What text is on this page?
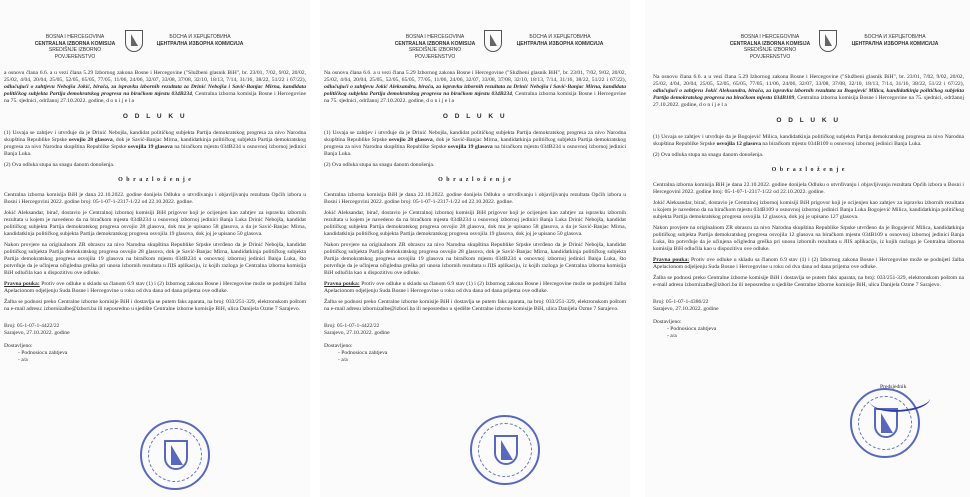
BOSNA I HERCEGOVINA
CENTRALNA IZBORNA KOMISIJA
SREDIŠNJE IZBORNO POVJERENSTVO
БОСНА И ХЕРЦЕГОВИНА
ЦЕНТРАЛНА ИЗБОРНА КОМИСИЈА
a osnovu člana 6.6. a u vezi člana 5.29 Izbornog zakona Bosne i Hercegovine ("Službeni glasnik BiH", br. 23/01, 7/02, 9/02, 20/02, 25/02, 4/04, 20/04, 25/05, 52/05, 65/05, 77/05, 11/06, 24/06, 32/07, 33/08, 37/08, 32/10, 18/13, 7/14, 31/16, 38/22, 51/22 i 67/22), odlučujući o zahtjevu Nebojša Jokić, birača, za ispravku izbornih rezultata za Drinić Nebojša i Savić-Banjac Mirna, kandidata političkog subjekta Partija demokratskog progresa na biračkom mjestu 034B234, Centralna izborna komisija Bosne i Hercegovine na 75. sjednici, održanoj 27.10.2022. godine, d o n i j e l a
O D L U K U
(1) Usvaja se zahtjev i utvrđuje da je Drinić Nebojša, kandidat političkog subjekta Partija demokratskog progresa za nivo Narodna skupština Republike Srpske osvojio 28 glasova, dok je Savić-Banjac Mirna, kandidatkinja političkog subjekta Partija demokratskog progresa za nivo Narodna skupština Republike Srpske osvojila 19 glasova na biračkom mjestu 034B234 u osnovnoj izbornoj jedinici Banja Luka.
(2) Ova odluka stupa na snagu danom donošenja.
O b r a z l o ž e n j e
Centralna izborna komisija BiH je dana 22.10.2022. godine donijela Odluku o utvrđivanju i objavljivanju rezultata Općih izbora u Bosni i Hercegovini 2022. godine broj: 05-1-07-1-2317-1/22 od 22.10.2022. godine.
Jokić Aleksandar, birač, dostavio je Centralnoj izbornoj komisiji BiH prigovor koji je ocijenjen kao zahtjev za ispravku izbornih rezultata u kojem je navedeno da na biračkom mjestu 034B234 u osnovnoj izbornoj jedinici Banja Luka Drinić Nebojša, kandidat političkog subjekta Partija demokratskog progresa osvojio 28 glasova, dok mu je upisano 58 glasova, a da je Savić-Banjac Mirna, kandidatkinja političkog subjekta Partija demokratskog progresa osvojila 19 glasova, dok joj je upisano 50 glasova.
Nakon provjere na originalnom ZR obrascu za nivo Narodna skupština Republike Srpske utvrđeno da je Drinić Nebojša, kandidat političkog subjekta Partija demokratskog progresa osvojio 28 glasova, dok je Savić-Banjac Mirna, kandidatkinja političkog subjekta Partija demokratskog progresa osvojila 19 glasova na biračkom mjestu 034B234 u osnovnoj izbornoj jedinici Banja Luka, što potvrđuje da je učinjena očigledna greška pri unosu izbornih rezultata u JIIS aplikaciju, iz kojih razloga je Centralna izborna komisija BiH odlučila kao u dispozitivu ove odluke.
Pravna pouka: Protiv ove odluke u skladu sa članom 6.9 stav (1) i (2) Izbornog zakona Bosne i Hercegovine može se podnijeti žalba Apelacionom odjeljenju Suda Bosne i Hercegovine u roku od dva dana od dana prijema ove odluke.
Žalba se podnosi preko Centralne izborne komisije BiH i dostavlja se putem faks aparata, na broj: 033/251-329, elektronskom poštom na e-mail adresu: izbornizalbe@izbori.ba ili neposredno u sjedište Centralne izborne komisije BiH, ulica Danijela Ozme 7 Sarajevo.
Broj: 05-1-07-1-4422/22
Sarajevo, 27.10.2022. godine
Dostavljeno:
- Podnosiocu zahtjeva
- a/a
BOSNA I HERCEGOVINA
CENTRALNA IZBORNA KOMISIJA
SREDIŠNJE IZBORNO POVJERENSTVO
БОСНА И ХЕРЦЕГОВИНА
ЦЕНТРАЛНА ИЗБОРНА КОМИСИЈА
Na osnovu člana 6.6. a u vezi člana 5.29 Izbornog zakona Bosne i Hercegovine ("Službeni glasnik BiH", br. 23/01, 7/02, 9/02, 20/02, 25/02, 4/04, 20/04, 25/05, 52/05, 65/05, 77/05, 11/06, 24/06, 32/07, 33/08, 37/08, 32/10, 18/13, 7/14, 31/16, 38/22, 51/22 i 67/22), odlučujući o zahtjevu Jokić Aleksandra, birača, za ispravku izbornih rezultata za Drinić Nebojša i Savić-Banjac Mirna, kandidata političkog subjekta Partija demokratskog progresa na biračkom mjestu 034B234, Centralna izborna komisija Bosne i Hercegovine na 75. sjednici, održanoj 27.10.2022. godine, d o n i j e l a
O D L U K U
(1) Usvaja se zahtjev i utvrđuje da je Drinić Nebojša, kandidat političkog subjekta Partija demokratskog progresa za nivo Narodna skupština Republike Srpske osvojio 28 glasova, dok je Savić-Banjac Mirna, kandidatkinja političkog subjekta Partija demokratskog progresa za nivo Narodna skupština Republike Srpske osvojila 19 glasova na biračkom mjestu 034B234 u osnovnoj izbornoj jedinici Banja Luka.
(2) Ova odluka stupa na snagu danom donošenja.
O b r a z l o ž e n j e
Centralna izborna komisija BiH je dana 22.10.2022. godine donijela Odluku o utvrđivanju i objavljivanju rezultata Općih izbora u Bosni i Hercegovini 2022. godine broj: 05-1-07-1-2317-1/22 od 22.10.2022. godine.
Jokić Aleksandar, birač, dostavio je Centralnoj izbornoj komisiji BiH prigovor koji je ocijenjen kao zahtjev za ispravku izbornih rezultata u kojem je navedeno da na biračkom mjestu 034B234 u osnovnoj izbornoj jedinici Banja Luka Drinić Nebojša, kandidat političkog subjekta Partija demokratskog progresa osvojio 28 glasova, dok mu je upisano 58 glasova, a da je Savić-Banjac Mirna, kandidatkinja političkog subjekta Partija demokratskog progresa osvojila 19 glasova, dok joj je upisano 50 glasova.
Nakon provjere na originalnom ZR obrascu za nivo Narodna skupština Republike Srpske utvrđeno da je Drinić Nebojša, kandidat političkog subjekta Partija demokratskog progresa osvojio 28 glasova, dok je Savić-Banjac Mirna, kandidatkinja političkog subjekta Partija demokratskog progresa osvojila 19 glasova na biračkom mjestu 034B234 u osnovnoj izbornoj jedinici Banja Luka, što potvrđuje da je učinjena očigledna greška pri unosu izbornih rezultata u JIIS aplikaciju, iz kojih razloga je Centralna izborna komisija BiH odlučila kao u dispozitivu ove odluke.
Pravna pouka: Protiv ove odluke u skladu sa članom 6.9 stav (1) i (2) Izbornog zakona Bosne i Hercegovine može se podnijeti žalba Apelacionom odjeljenju Suda Bosne i Hercegovine u roku od dva dana od dana prijema ove odluke.
Žalba se podnosi preko Centralne izborne komisije BiH i dostavlja se putem faks aparata, na broj: 033/251-329, elektronskom poštom na e-mail adresu izbornizalbe@izbori.ba ili neposredno u sjedište Centralne izborne komisije BiH, ulica Danijela Ozme 7 Sarajevo.
Broj: 05-1-07-1-4422/22
Sarajevo, 27.10.2022. godine
Dostavljeno:
- Podnosiocu zahtjeva
- a/a
BOSNA I HERCEGOVINA
CENTRALNA IZBORNA KOMISIJA
SREDIŠNJE IZBORNO POVJERENSTVO
БОСНА И ХЕРЦЕГОВИНА
ЦЕНТРАЛНА ИЗБОРНА КОМИСИЈА
Na osnovu člana 6.6. a u vezi člana 5.29 Izbornog zakona Bosne i Hercegovine ("Službeni glasnik BiH", br. 23/01, 7/02, 9/02, 20/02, 25/02, 4/04, 20/04, 25/05, 52/05, 65/05, 77/05, 11/06, 24/06, 32/07, 33/08, 37/08, 32/10, 18/13, 7/14, 31/16, 38/22, 51/22 i 67/22), odlučujući o zahtjevu Jokić Aleksandra, birača, za ispravku izbornih rezultata za Bogojević Milica, kandidatkinja političkog subjekta Partija demokratskog progresa na biračkom mjestu 034B109, Centralna izborna komisija Bosne i Hercegovine na 75. sjednici, održanoj 27.10.2022. godine, d o n i j e l a
O D L U K U
(1) Usvaja se zahtjev i utvrđuje da je Bogojević Milica, kandidatkinja političkog subjekta Partija demokratskog progresa za nivo Narodna skupština Republike Srpske osvojila 12 glasova na biračkom mjestu 034B109 u osnovnoj izbornoj jedinici Banja Luka.
(2) Ova odluka stupa na snagu danom donošenja.
O b r a z l o ž e n j e
Centralna izborna komisija BiH je dana 22.10.2022. godine donijela Odluku o utvrđivanju i objavljivanju rezultata Općih izbora u Bosni i Hercegovini 2022. godine broj: 05-1-07-1-2317-1/22 od 22.10.2022. godine.
Jokić Aleksandar, birač, dostavio je Centralnoj izbornoj komisiji BiH prigovor koji je ocijenjen kao zahtjev za ispravku izbornih rezultata u kojem je navedeno da na biračkom mjestu 034B109 u osnovnoj izbornoj jedinici Banja Luka Bogojević Milica, kandidatkinja političkog subjekta Partija demokratskog progresa osvojila 12 glasova, dok joj je upisano 127 glasova.
Nakon provjere na originalnom ZR obrascu za nivo Narodna skupština Republike Srpske utvrđeno da je Bogojević Milica, kandidatkinja političkog subjekta Partija demokratskog progresa osvojila 12 glasova na biračkom mjestu 034B109 u osnovnoj izbornoj jedinici Banja Luka, što potvrđuje da je učinjena očigledna greška pri unosu izbornih rezultata u JIIS aplikaciju, iz kojih razloga je Centralna izborna komisija BiH odlučila kao u dispozitivu ove odluke.
Pravna pouka: Protiv ove odluke u skladu sa članom 6.9 stav (1) i (2) Izbornog zakona Bosne i Hercegovine može se podnijeti žalba Apelacionom odjeljenju Suda Bosne i Hercegovine u roku od dva dana od dana prijema ove odluke.
Žalba se podnosi preko Centralne izborne komisije BiH i dostavlja se putem faks aparata, na broj: 033/251-329, elektronskom poštom na e-mail adresu izbornizalbe@izbori.ba ili neposredno u sjedište Centralne izborne komisije BiH, ulica Danijela Ozme 7 Sarajevo.
Broj: 05-1-07-1-4386/22
Sarajevo, 27.10.2022. godine
Dostavljeno:
- Podnosiocu zahtjeva
- a/a
Predsjednik
